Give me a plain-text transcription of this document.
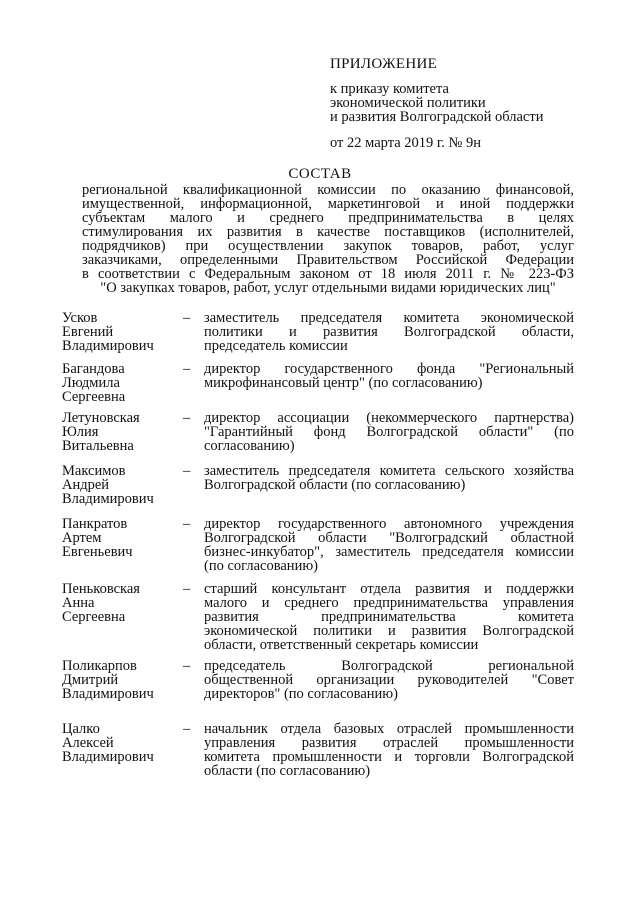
ПРИЛОЖЕНИЕ
к приказу комитета
экономической политики
и развития Волгоградской области
от 22 марта 2019 г. № 9н
СОСТАВ
региональной квалификационной комиссии по оказанию финансовой,
имущественной, информационной, маркетинговой и иной поддержки
субъектам малого и среднего предпринимательства в целях
стимулирования их развития в качестве поставщиков (исполнителей,
подрядчиков) при осуществлении закупок товаров, работ, услуг
заказчиками, определенными Правительством Российской Федерации
в соответствии с Федеральным законом от 18 июля 2011 г. № 223-ФЗ
"О закупках товаров, работ, услуг отдельными видами юридических лиц"
Усков
Евгений
Владимирович
– заместитель председателя комитета экономической
политики и развития Волгоградской области,
председатель комиссии
Багандова
Людмила
Сергеевна
– директор государственного фонда "Региональный
микрофинансовый центр" (по согласованию)
Летуновская
Юлия
Витальевна
– директор ассоциации (некоммерческого партнерства)
"Гарантийный фонд Волгоградской области" (по
согласованию)
Максимов
Андрей
Владимирович
– заместитель председателя комитета сельского хозяйства
Волгоградской области (по согласованию)
Панкратов
Артем
Евгеньевич
– директор государственного автономного учреждения
Волгоградской области "Волгоградский областной
бизнес-инкубатор", заместитель председателя комиссии
(по согласованию)
Пеньковская
Анна
Сергеевна
– старший консультант отдела развития и поддержки
малого и среднего предпринимательства управления
развития предпринимательства комитета
экономической политики и развития Волгоградской
области, ответственный секретарь комиссии
Поликарпов
Дмитрий
Владимирович
– председатель Волгоградской региональной
общественной организации руководителей "Совет
директоров" (по согласованию)
Цалко
Алексей
Владимирович
– начальник отдела базовых отраслей промышленности
управления развития отраслей промышленности
комитета промышленности и торговли Волгоградской
области (по согласованию)
